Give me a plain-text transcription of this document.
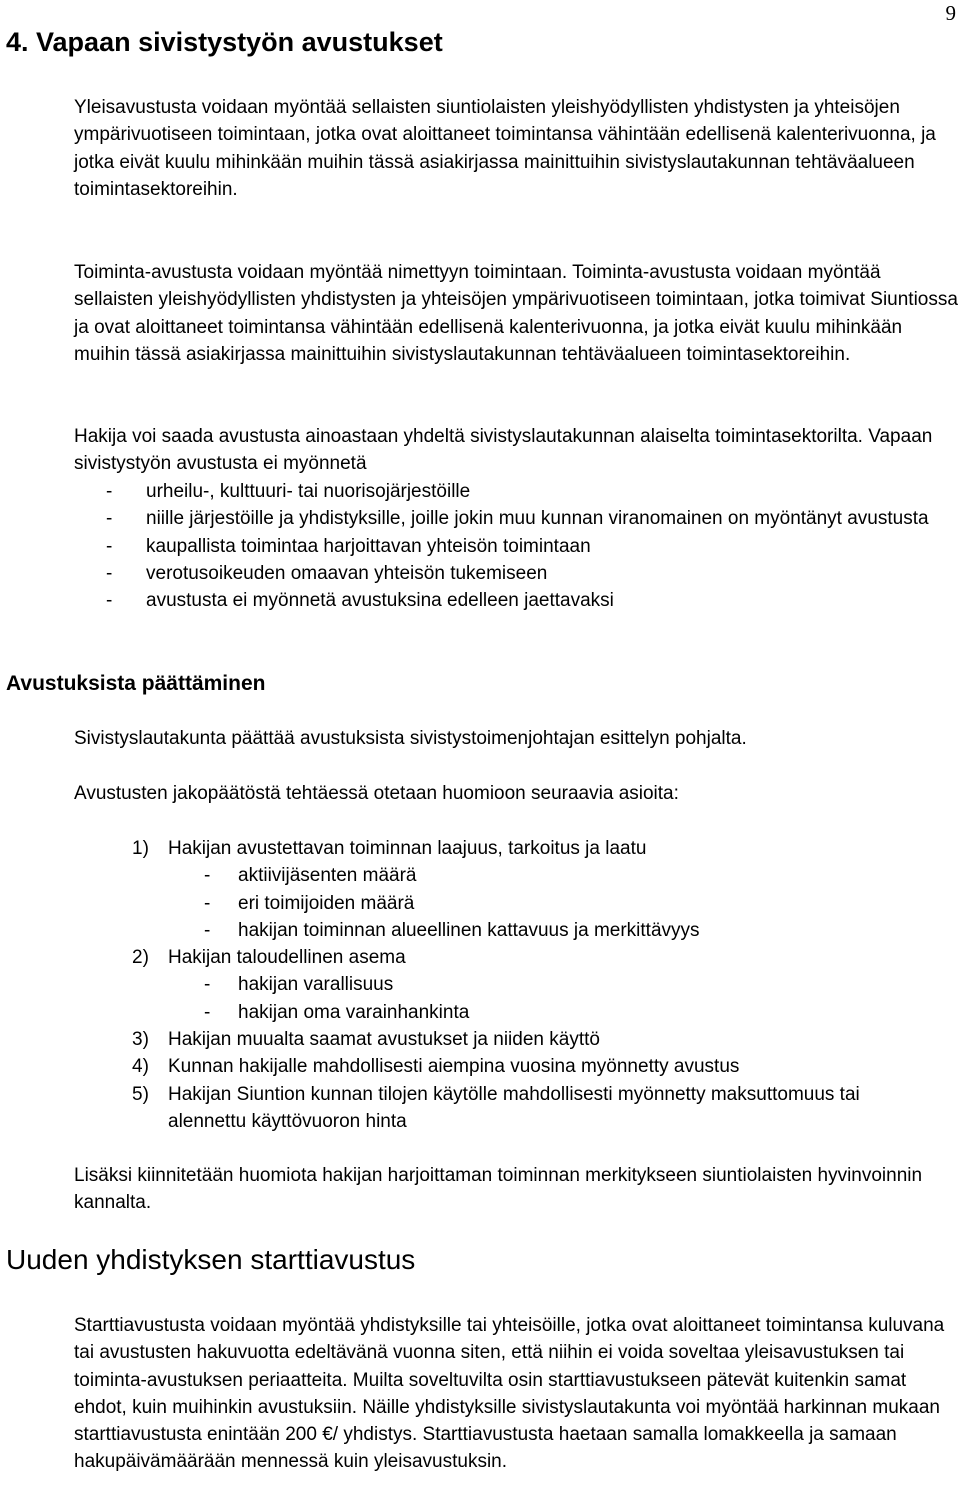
9
4. Vapaan sivistystyön avustukset

Yleisavustusta voidaan myöntää sellaisten siuntiolaisten yleishyödyllisten yhdistysten ja yhteisöjen ympärivuotiseen toimintaan, jotka ovat aloittaneet toimintansa vähintään edellisenä kalenterivuonna, ja jotka eivät kuulu mihinkään muihin tässä asiakirjassa mainittuihin sivistyslautakunnan tehtäväalueen toimintasektoreihin.

Toiminta-avustusta voidaan myöntää nimettyyn toimintaan. Toiminta-avustusta voidaan myöntää sellaisten yleishyödyllisten yhdistysten ja yhteisöjen ympärivuotiseen toimintaan, jotka toimivat Siuntiossa ja ovat aloittaneet toimintansa vähintään edellisenä kalenterivuonna, ja jotka eivät kuulu mihinkään muihin tässä asiakirjassa mainittuihin sivistyslautakunnan tehtäväalueen toimintasektoreihin.

Hakija voi saada avustusta ainoastaan yhdeltä sivistyslautakunnan alaiselta toimintasektorilta. Vapaan sivistystyön avustusta ei myönnetä

- urheilu-, kulttuuri- tai nuorisojärjestöille
- niille järjestöille ja yhdistyksille, joille jokin muu kunnan viranomainen on myöntänyt avustusta
- kaupallista toimintaa harjoittavan yhteisön toimintaan
- verotusoikeuden omaavan yhteisön tukemiseen
- avustusta ei myönnetä avustuksina edelleen jaettavaksi
Avustuksista päättäminen

Sivistyslautakunta päättää avustuksista sivistystoimenjohtajan esittelyn pohjalta.

Avustusten jakopäätöstä tehtäessä otetaan huomioon seuraavia asioita:

1) Hakijan avustettavan toiminnan laajuus, tarkoitus ja laatu
- aktiivijäsenten määrä
- eri toimijoiden määrä
- hakijan toiminnan alueellinen kattavuus ja merkittävyys
2) Hakijan taloudellinen asema
- hakijan varallisuus
- hakijan oma varainhankinta
3) Hakijan muualta saamat avustukset ja niiden käyttö
4) Kunnan hakijalle mahdollisesti aiempina vuosina myönnetty avustus
5) Hakijan Siuntion kunnan tilojen käytölle mahdollisesti myönnetty maksuttomuus tai alennettu käyttövuoron hinta

Lisäksi kiinnitetään huomiota hakijan harjoittaman toiminnan merkitykseen siuntiolaisten hyvinvoinnin kannalta.

Uuden yhdistyksen starttiavustus

Starttiavustusta voidaan myöntää yhdistyksille tai yhteisöille, jotka ovat aloittaneet toimintansa kuluvana tai avustusten hakuvuotta edeltävänä vuonna siten, että niihin ei voida soveltaa yleisavustuksen tai toiminta-avustuksen periaatteita. Muilta soveltuvilta osin starttiavustukseen pätevät kuitenkin samat ehdot, kuin muihinkin avustuksiin. Näille yhdistyksille sivistyslautakunta voi myöntää harkinnan mukaan starttiavustusta enintään 200 €/ yhdistys. Starttiavustusta haetaan samalla lomakkeella ja samaan hakupäivämäärään mennessä kuin yleisavustuksin.
